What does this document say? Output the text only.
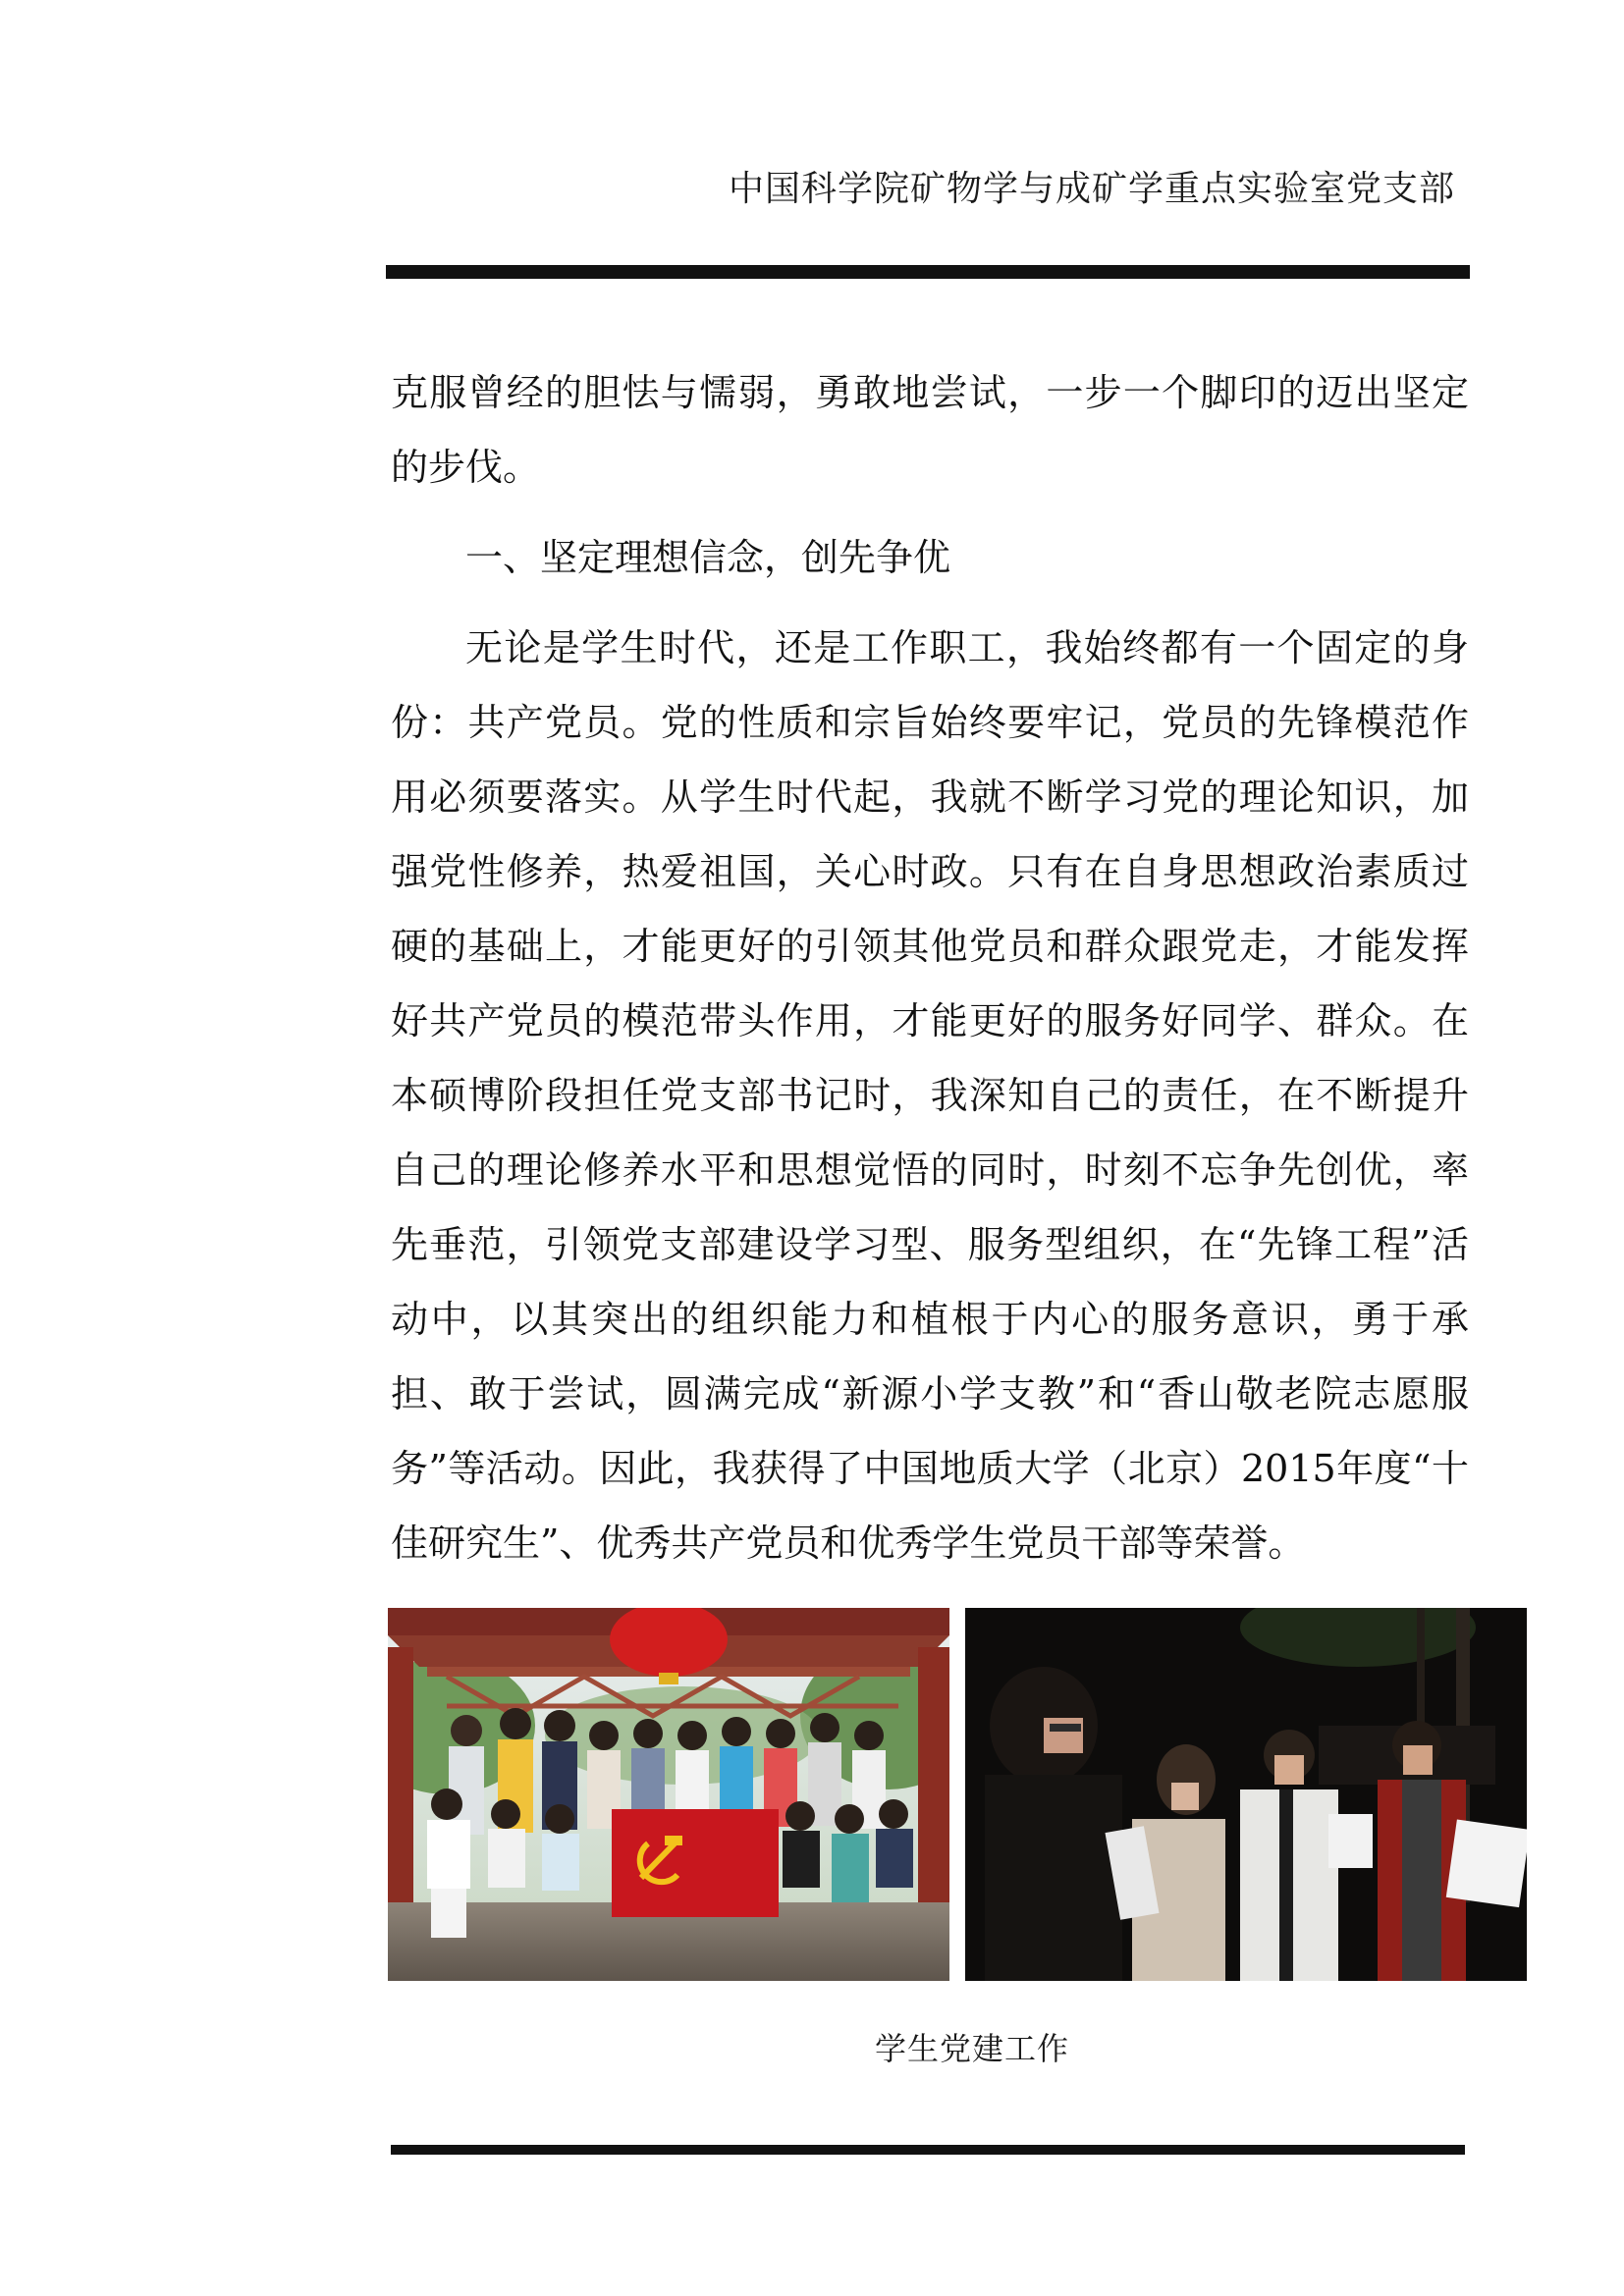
中国科学院矿物学与成矿学重点实验室党支部

克服曾经的胆怯与懦弱，勇敢地尝试，一步一个脚印的迈出坚定的步伐。

一、坚定理想信念，创先争优

无论是学生时代，还是工作职工，我始终都有一个固定的身份：共产党员。党的性质和宗旨始终要牢记，党员的先锋模范作用必须要落实。从学生时代起，我就不断学习党的理论知识，加强党性修养，热爱祖国，关心时政。只有在自身思想政治素质过硬的基础上，才能更好的引领其他党员和群众跟党走，才能发挥好共产党员的模范带头作用，才能更好的服务好同学、群众。在本硕博阶段担任党支部书记时，我深知自己的责任，在不断提升自己的理论修养水平和思想觉悟的同时，时刻不忘争先创优，率先垂范，引领党支部建设学习型、服务型组织，在“先锋工程”活动中，以其突出的组织能力和植根于内心的服务意识，勇于承担、敢于尝试，圆满完成“新源小学支教”和“香山敬老院志愿服务”等活动。因此，我获得了中国地质大学（北京）2015年度“十佳研究生”、优秀共产党员和优秀学生党员干部等荣誉。

学生党建工作
